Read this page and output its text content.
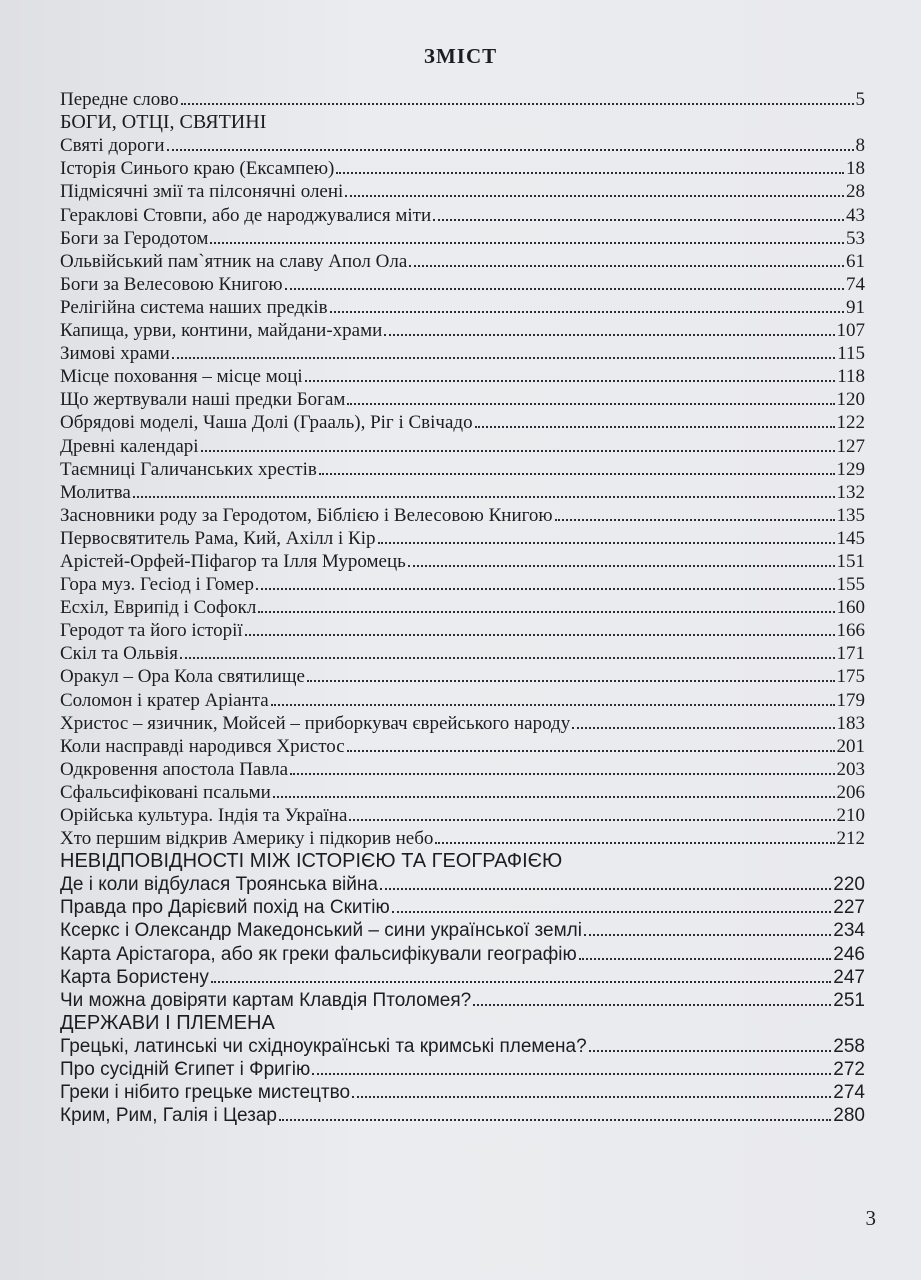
ЗМІСТ
Передне слово	5
БОГИ, ОТЦІ, СВЯТИНІ
Святі дороги	8
Історія Синього краю (Ексампею)	18
Підмісячні змії та пілсонячні олені	28
Гераклові Стовпи, або де народжувалися міти	43
Боги за Геродотом	53
Ольвійський пам`ятник на славу Апол Ола	61
Боги за Велесовою Книгою	74
Релігійна система наших предків	91
Капища, урви, контини, майдани-храми	107
Зимові храми	115
Місце поховання – місце моці	118
Що жертвували наші предки Богам	120
Обрядові моделі, Чаша Долі (Грааль), Ріг і Свічадо	122
Древні календарі	127
Таємниці Галичанських хрестів	129
Молитва	132
Засновники роду за Геродотом, Біблією і Велесовою Книгою	135
Первосвятитель Рама, Кий, Ахілл і Кір	145
Арістей-Орфей-Піфагор та Ілля Муромець	151
Гора муз. Гесіод і Гомер	155
Есхіл, Еврипід і Софокл	160
Геродот та його історії	166
Скіл та Ольвія	171
Оракул – Ора Кола святилище	175
Соломон і кратер Аріанта	179
Христос – язичник, Мойсей – приборкувач єврейського народу	183
Коли насправді народився Христос	201
Одкровення апостола Павла	203
Сфальсифіковані псальми	206
Орійська культура. Індія та Україна	210
Хто першим відкрив Америку і підкорив небо	212
НЕВІДПОВІДНОСТІ МІЖ ІСТОРІЄЮ ТА ГЕОГРАФІЄЮ
Де і коли відбулася Троянська війна	220
Правда про Дарієвий похід на Скитію	227
Ксеркс і Олександр Македонський – сини української землі	234
Карта Арістагора, або як греки фальсифікували географію	246
Карта Бористену	247
Чи можна довіряти картам Клавдія Птоломея?	251
ДЕРЖАВИ І ПЛЕМЕНА
Грецькі, латинські чи східноукраїнські та кримські племена?	258
Про сусідній Єгипет і Фригію	272
Греки і нібито грецьке мистецтво	274
Крим, Рим, Галія і Цезар	280
3
